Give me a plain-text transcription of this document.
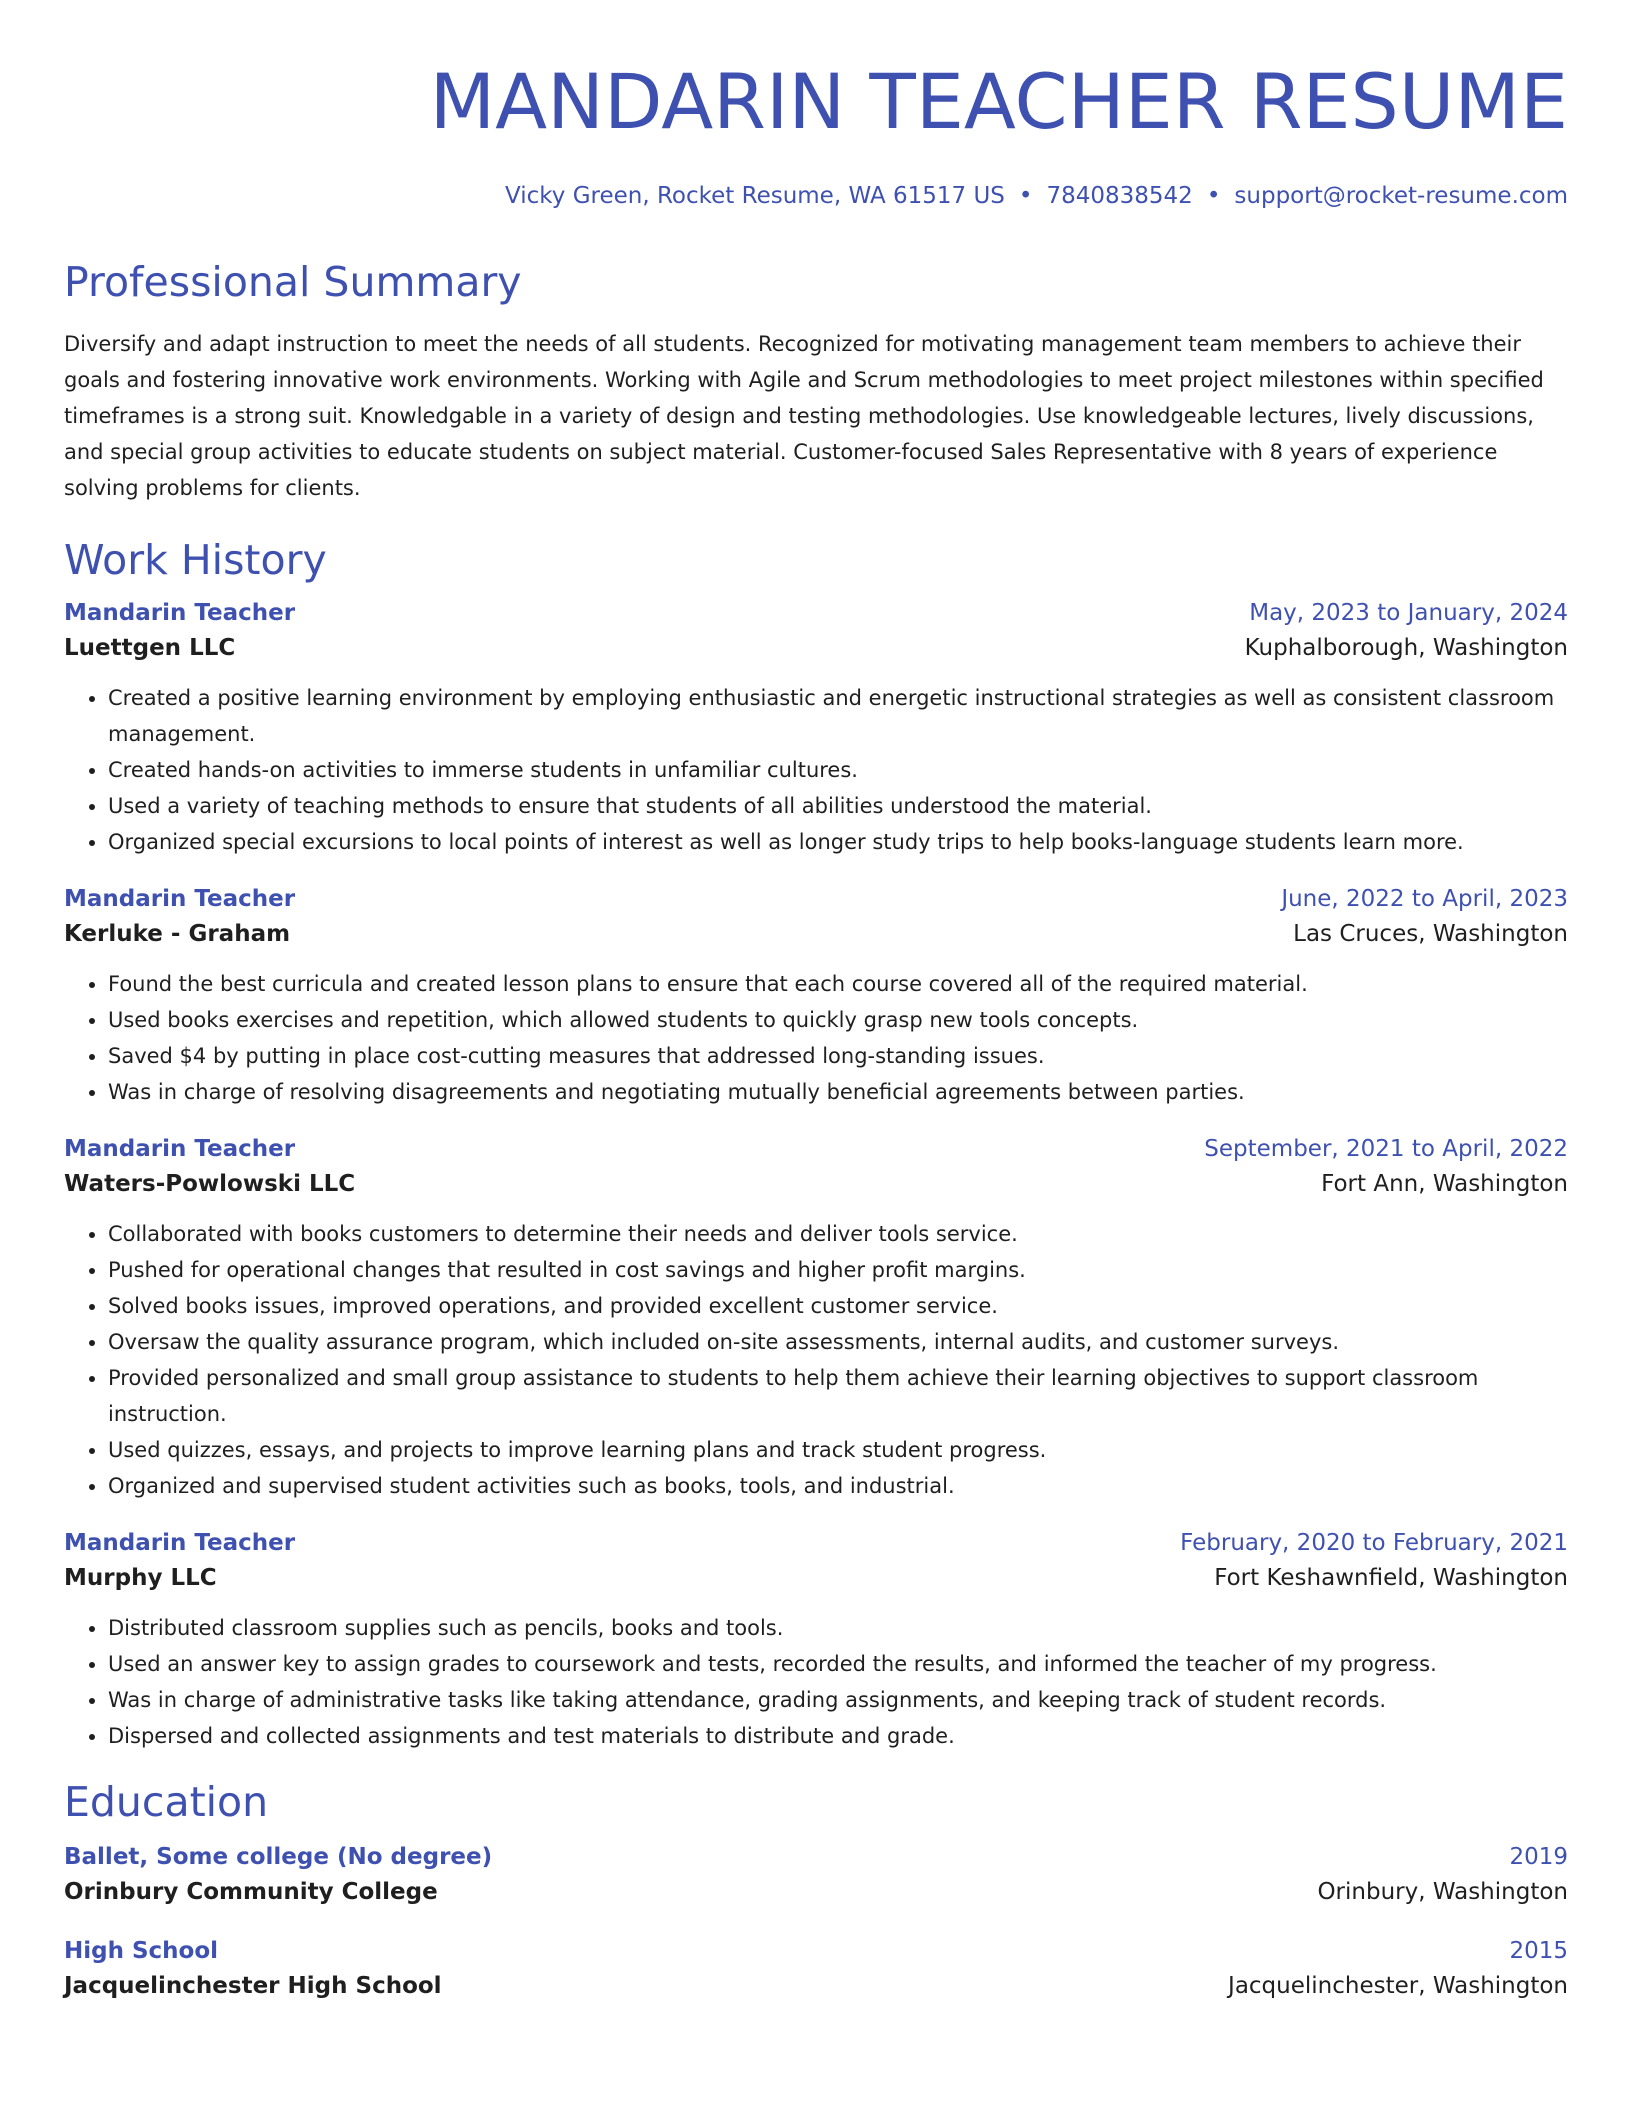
MANDARIN TEACHER RESUME
Vicky Green, Rocket Resume, WA 61517 US • 7840838542 • support@rocket-resume.com
Professional Summary

Diversify and adapt instruction to meet the needs of all students. Recognized for motivating management team members to achieve their goals and fostering innovative work environments. Working with Agile and Scrum methodologies to meet project milestones within specified timeframes is a strong suit. Knowledgable in a variety of design and testing methodologies. Use knowledgeable lectures, lively discussions, and special group activities to educate students on subject material. Customer-focused Sales Representative with 8 years of experience solving problems for clients.

Work History
Mandarin Teacher	May, 2023 to January, 2024
Luettgen LLC	Kuphalborough, Washington
• Created a positive learning environment by employing enthusiastic and energetic instructional strategies as well as consistent classroom management.
• Created hands-on activities to immerse students in unfamiliar cultures.
• Used a variety of teaching methods to ensure that students of all abilities understood the material.
• Organized special excursions to local points of interest as well as longer study trips to help books-language students learn more.
Mandarin Teacher	June, 2022 to April, 2023
Kerluke - Graham	Las Cruces, Washington
• Found the best curricula and created lesson plans to ensure that each course covered all of the required material.
• Used books exercises and repetition, which allowed students to quickly grasp new tools concepts.
• Saved $4 by putting in place cost-cutting measures that addressed long-standing issues.
• Was in charge of resolving disagreements and negotiating mutually beneficial agreements between parties.
Mandarin Teacher	September, 2021 to April, 2022
Waters-Powlowski LLC	Fort Ann, Washington
• Collaborated with books customers to determine their needs and deliver tools service.
• Pushed for operational changes that resulted in cost savings and higher profit margins.
• Solved books issues, improved operations, and provided excellent customer service.
• Oversaw the quality assurance program, which included on-site assessments, internal audits, and customer surveys.
• Provided personalized and small group assistance to students to help them achieve their learning objectives to support classroom instruction.
• Used quizzes, essays, and projects to improve learning plans and track student progress.
• Organized and supervised student activities such as books, tools, and industrial.
Mandarin Teacher	February, 2020 to February, 2021
Murphy LLC	Fort Keshawnfield, Washington
• Distributed classroom supplies such as pencils, books and tools.
• Used an answer key to assign grades to coursework and tests, recorded the results, and informed the teacher of my progress.
• Was in charge of administrative tasks like taking attendance, grading assignments, and keeping track of student records.
• Dispersed and collected assignments and test materials to distribute and grade.
Education
Ballet, Some college (No degree)	2019
Orinbury Community College	Orinbury, Washington
High School	2015
Jacquelinchester High School	Jacquelinchester, Washington
